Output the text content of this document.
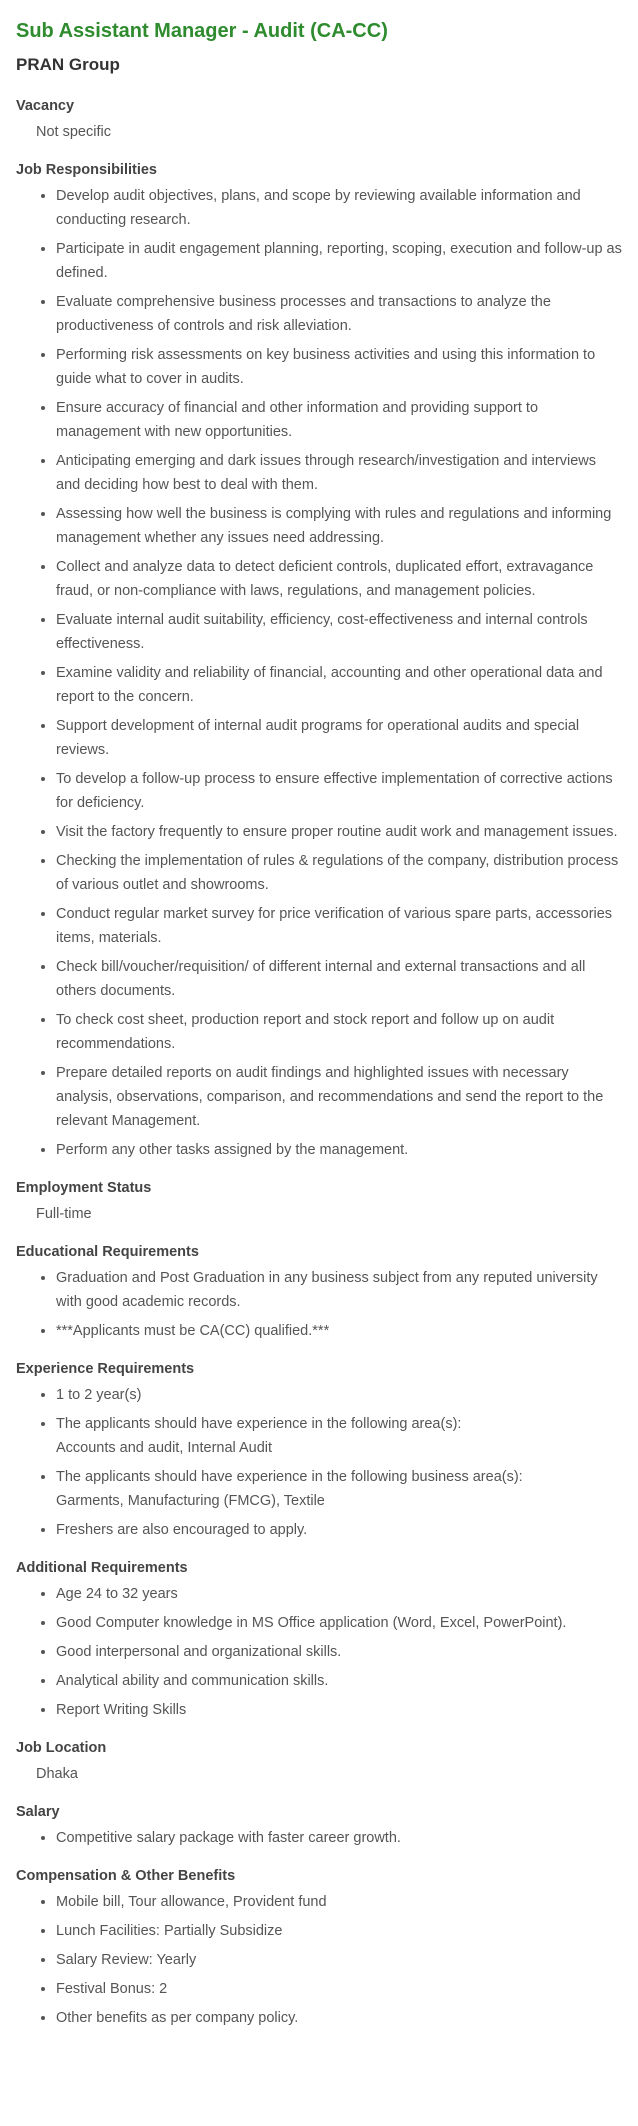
Sub Assistant Manager - Audit (CA-CC)
PRAN Group
Vacancy
Not specific
Job Responsibilities
• Develop audit objectives, plans, and scope by reviewing available information and conducting research.
• Participate in audit engagement planning, reporting, scoping, execution and follow-up as defined.
• Evaluate comprehensive business processes and transactions to analyze the productiveness of controls and risk alleviation.
• Performing risk assessments on key business activities and using this information to guide what to cover in audits.
• Ensure accuracy of financial and other information and providing support to management with new opportunities.
• Anticipating emerging and dark issues through research/investigation and interviews and deciding how best to deal with them.
• Assessing how well the business is complying with rules and regulations and informing management whether any issues need addressing.
• Collect and analyze data to detect deficient controls, duplicated effort, extravagance fraud, or non-compliance with laws, regulations, and management policies.
• Evaluate internal audit suitability, efficiency, cost-effectiveness and internal controls effectiveness.
• Examine validity and reliability of financial, accounting and other operational data and report to the concern.
• Support development of internal audit programs for operational audits and special reviews.
• To develop a follow-up process to ensure effective implementation of corrective actions for deficiency.
• Visit the factory frequently to ensure proper routine audit work and management issues.
• Checking the implementation of rules & regulations of the company, distribution process of various outlet and showrooms.
• Conduct regular market survey for price verification of various spare parts, accessories items, materials.
• Check bill/voucher/requisition/ of different internal and external transactions and all others documents.
• To check cost sheet, production report and stock report and follow up on audit recommendations.
• Prepare detailed reports on audit findings and highlighted issues with necessary analysis, observations, comparison, and recommendations and send the report to the relevant Management.
• Perform any other tasks assigned by the management.
Employment Status
Full-time
Educational Requirements
• Graduation and Post Graduation in any business subject from any reputed university with good academic records.
• ***Applicants must be CA(CC) qualified.***
Experience Requirements
• 1 to 2 year(s)
• The applicants should have experience in the following area(s):
Accounts and audit, Internal Audit
• The applicants should have experience in the following business area(s):
Garments, Manufacturing (FMCG), Textile
• Freshers are also encouraged to apply.
Additional Requirements
• Age 24 to 32 years
• Good Computer knowledge in MS Office application (Word, Excel, PowerPoint).
• Good interpersonal and organizational skills.
• Analytical ability and communication skills.
• Report Writing Skills
Job Location
Dhaka
Salary
• Competitive salary package with faster career growth.
Compensation & Other Benefits
• Mobile bill, Tour allowance, Provident fund
• Lunch Facilities: Partially Subsidize
• Salary Review: Yearly
• Festival Bonus: 2
• Other benefits as per company policy.
